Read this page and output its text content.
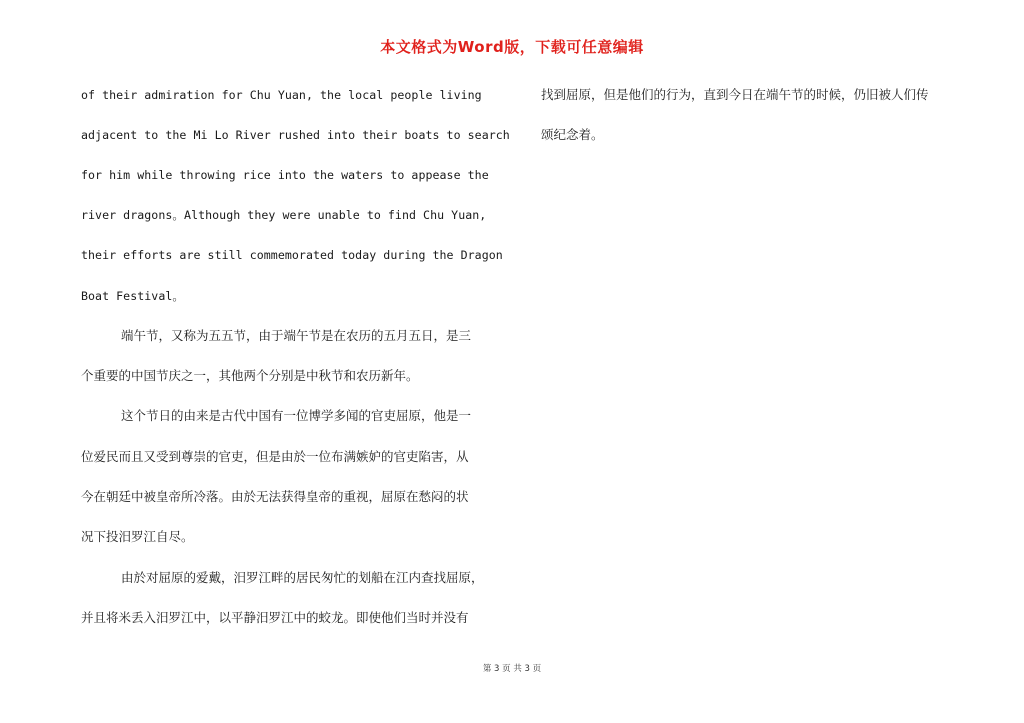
本文格式为Word版，下载可任意编辑
of their admiration for Chu Yuan, the local people living
adjacent to the Mi Lo River rushed into their boats to search
for him while throwing rice into the waters to appease the
river dragons。Although they were unable to find Chu Yuan,
their efforts are still commemorated today during the Dragon
Boat Festival。
端午节，又称为五五节，由于端午节是在农历的五月五日，是三
个重要的中国节庆之一，其他两个分别是中秋节和农历新年。
这个节日的由来是古代中国有一位博学多闻的官吏屈原，他是一
位爱民而且又受到尊崇的官吏，但是由於一位布满嫉妒的官吏陷害，从
今在朝廷中被皇帝所冷落。由於无法获得皇帝的重视，屈原在愁闷的状
况下投汨罗江自尽。
由於对屈原的爱戴，汨罗江畔的居民匆忙的划船在江内查找屈原，
并且将米丢入汨罗江中，以平静汨罗江中的蛟龙。即使他们当时并没有
找到屈原，但是他们的行为，直到今日在端午节的时候，仍旧被人们传
颂纪念着。
第 3 页 共 3 页
